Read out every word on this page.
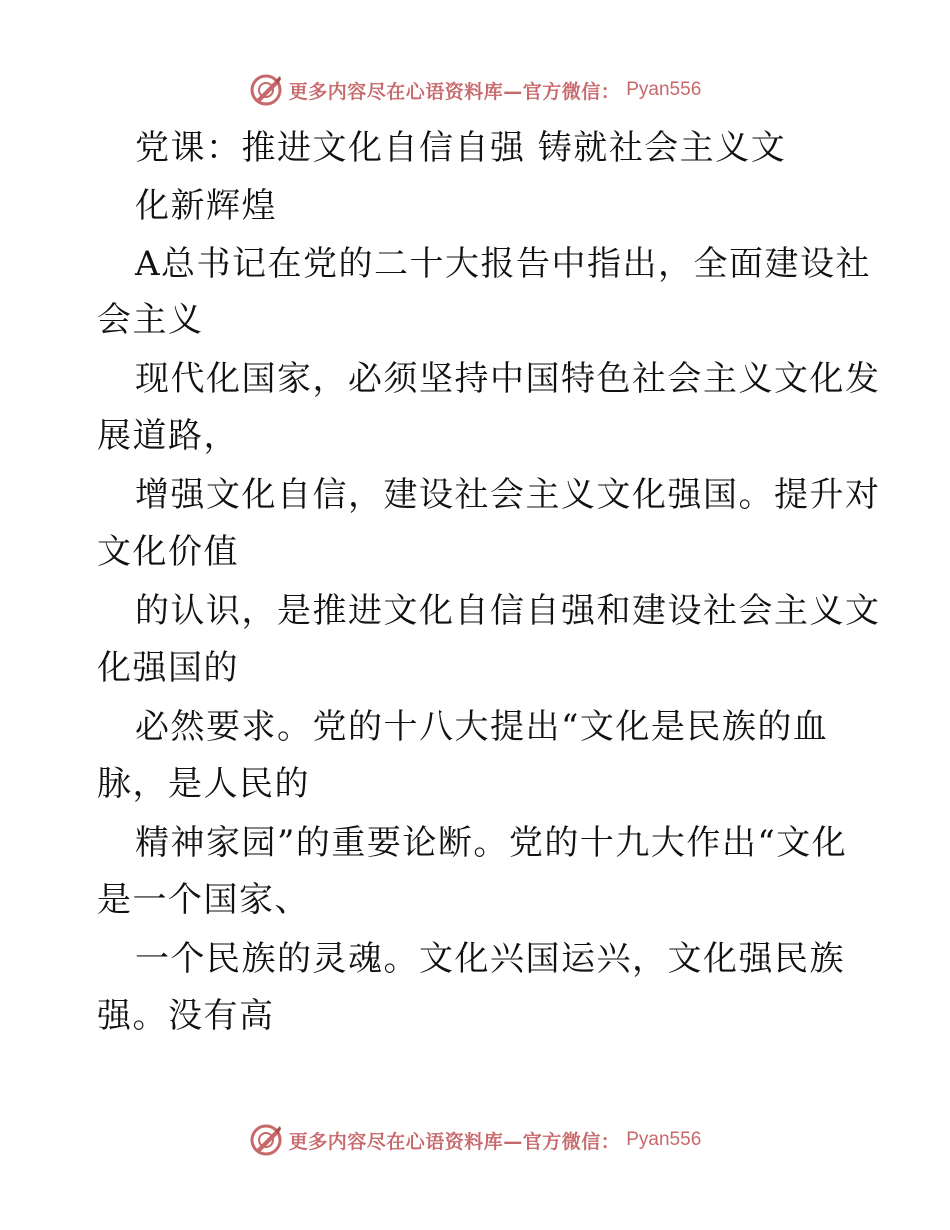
更多内容尽在心语资料库—官方微信： Pyan556
党课：推进文化自信自强 铸就社会主义文
化新辉煌
A总书记在党的二十大报告中指出，全面建设社
会主义
现代化国家，必须坚持中国特色社会主义文化发
展道路，
增强文化自信，建设社会主义文化强国。提升对
文化价值
的认识，是推进文化自信自强和建设社会主义文
化强国的
必然要求。党的十八大提出“文化是民族的血
脉，是人民的
精神家园”的重要论断。党的十九大作出“文化
是一个国家、
一个民族的灵魂。文化兴国运兴，文化强民族
强。没有高
更多内容尽在心语资料库—官方微信： Pyan556
